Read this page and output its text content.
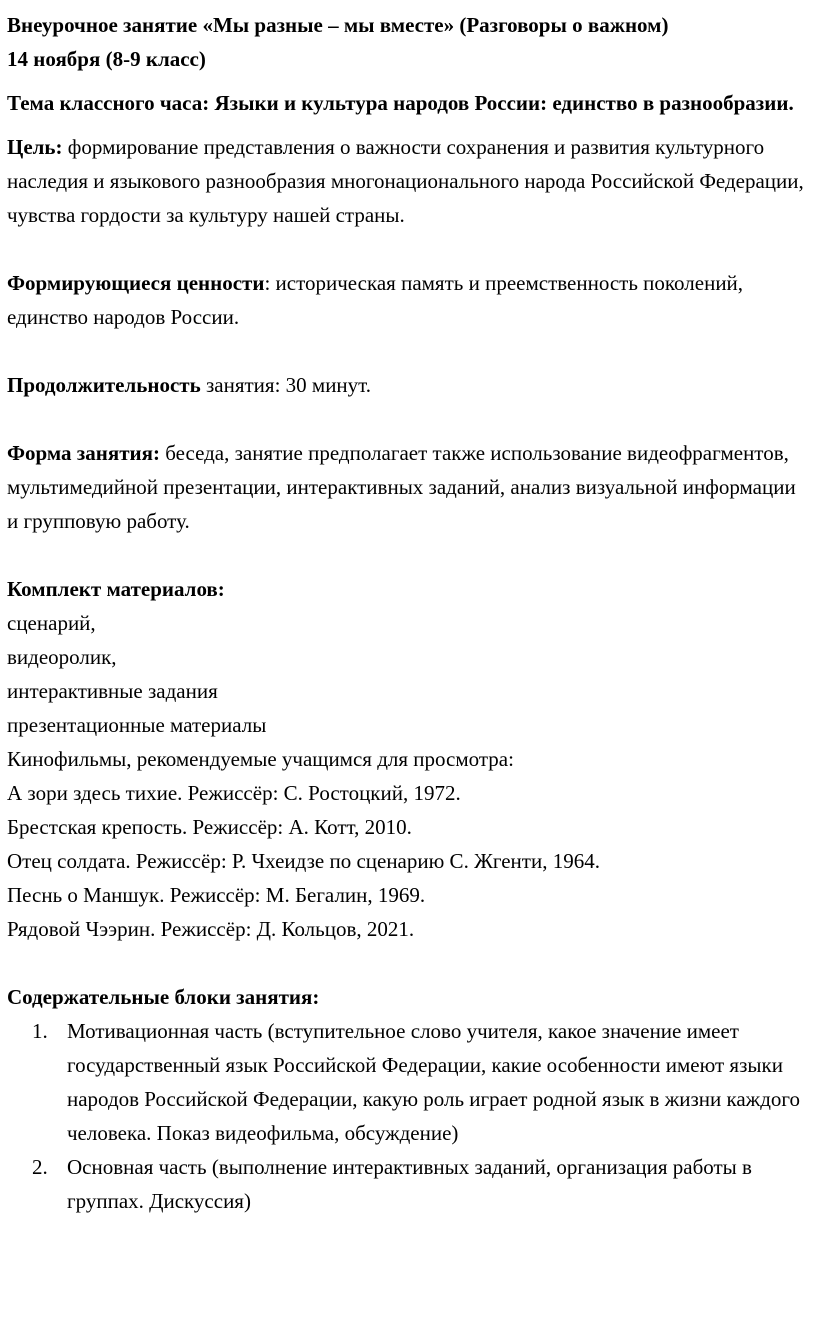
Внеурочное занятие «Мы разные – мы вместе» (Разговоры о важном)
14 ноября (8-9 класс)
Тема классного часа: Языки и культура народов России: единство в разнообразии.
Цель: формирование представления о важности сохранения и развития культурного наследия и языкового разнообразия многонационального народа Российской Федерации, чувства гордости за культуру нашей страны.
Формирующиеся ценности: историческая память и преемственность поколений, единство народов России.
Продолжительность занятия: 30 минут.
Форма занятия: беседа, занятие предполагает также использование видеофрагментов, мультимедийной презентации, интерактивных заданий, анализ визуальной информации и групповую работу.
Комплект материалов:
сценарий,
видеоролик,
интерактивные задания
презентационные материалы
Кинофильмы, рекомендуемые учащимся для просмотра:
А зори здесь тихие. Режиссёр: С. Ростоцкий, 1972.
Брестская крепость. Режиссёр: А. Котт, 2010.
Отец солдата. Режиссёр: Р. Чхеидзе по сценарию С. Жгенти, 1964.
Песнь о Маншук. Режиссёр: М. Бегалин, 1969.
Рядовой Чээрин. Режиссёр: Д. Кольцов, 2021.
Содержательные блоки занятия:
1. Мотивационная часть (вступительное слово учителя, какое значение имеет государственный язык Российской Федерации, какие особенности имеют языки народов Российской Федерации, какую роль играет родной язык в жизни каждого человека. Показ видеофильма, обсуждение)
2. Основная часть (выполнение интерактивных заданий, организация работы в группах. Дискуссия)
